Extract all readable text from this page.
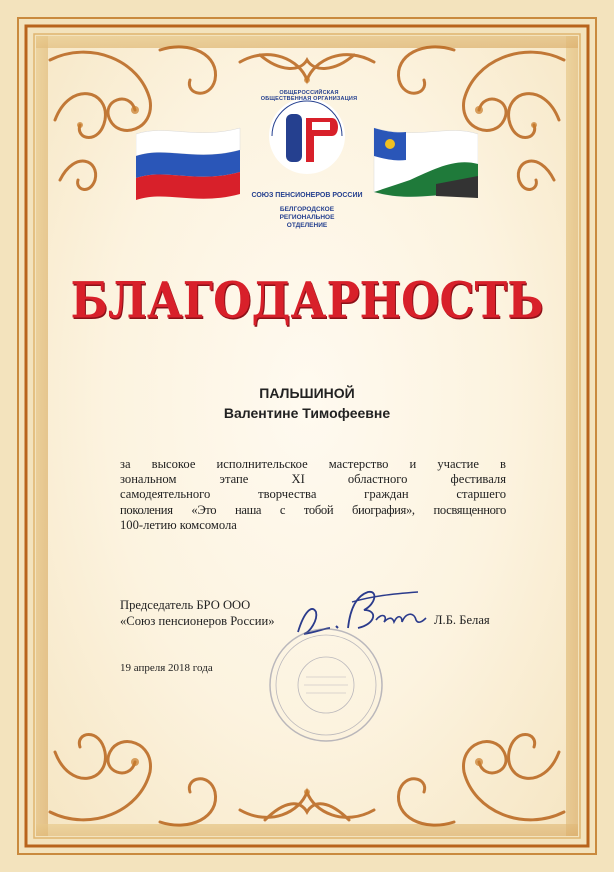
ОБЩЕРОССИЙСКАЯ ОБЩЕСТВЕННАЯ ОРГАНИЗАЦИЯ
СОЮЗ ПЕНСИОНЕРОВ РОССИИ
БЕЛГОРОДСКОЕ
РЕГИОНАЛЬНОЕ
ОТДЕЛЕНИЕ
БЛАГОДАРНОСТЬ
ПАЛЬШИНОЙ
Валентине Тимофеевне
за высокое исполнительское мастерство и участие в
зональном этапе XI областного фестиваля
самодеятельного творчества граждан старшего
поколения «Это наша с тобой биография», посвященного
100-летию комсомола
Председатель БРО ООО
«Союз пенсионеров России»	Л.Б. Белая
19 апреля 2018 года
